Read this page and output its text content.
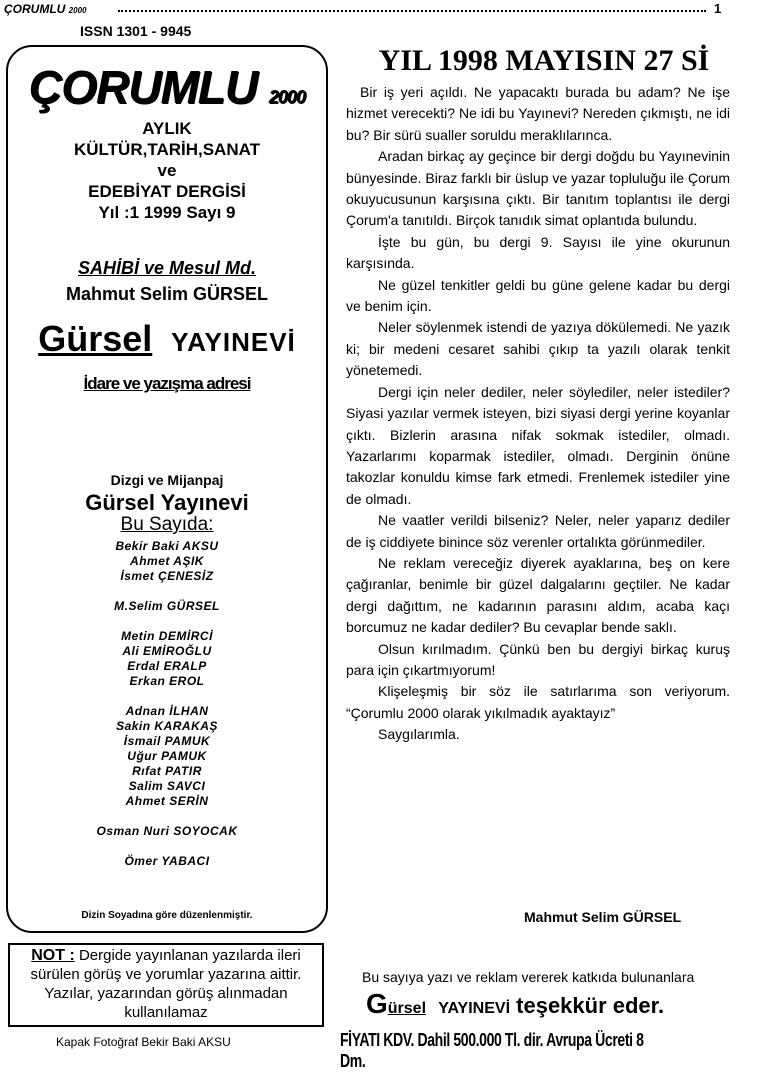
ÇORUMLU 2000	1
ISSN 1301 - 9945
ÇORUMLU 2000
AYLIK
KÜLTÜR,TARİH,SANAT
ve
EDEBİYAT DERGİSİ
Yıl :1 1999 Sayı 9
SAHİBİ ve Mesul Md.
Mahmut Selim GÜRSEL
Gürsel YAYINEVİ
İdare ve yazışma adresi
Dizgi ve Mijanpaj
Gürsel Yayınevi
Bu Sayıda:
Bekir Baki AKSU
Ahmet AŞIK
İsmet ÇENESİZ
M.Selim GÜRSEL
Metin DEMİRCİ
Ali EMİROĞLU
Erdal ERALP
Erkan EROL
Adnan İLHAN
Sakin KARAKAŞ
İsmail PAMUK
Uğur PAMUK
Rıfat PATIR
Salim SAVCI
Ahmet SERİN
Osman Nuri SOYOCAK
Ömer YABACI
Dizin Soyadına göre düzenlenmiştir.
NOT : Dergide yayınlanan yazılarda ileri sürülen görüş ve yorumlar yazarına aittir. Yazılar, yazarından görüş alınmadan kullanılamaz
Kapak Fotoğraf Bekir Baki AKSU
YIL 1998 MAYISIN 27 Sİ

Bir iş yeri açıldı. Ne yapacaktı burada bu adam? Ne işe hizmet verecekti? Ne idi bu Yayınevi? Nereden çıkmıştı, ne idi bu? Bir sürü sualler soruldu meraklılarınca.

Aradan birkaç ay geçince bir dergi doğdu bu Yayınevinin bünyesinde. Biraz farklı bir üslup ve yazar topluluğu ile Çorum okuyucusunun karşısına çıktı. Bir tanıtım toplantısı ile dergi Çorum'a tanıtıldı. Birçok tanıdık simat oplantıda bulundu.

İşte bu gün, bu dergi 9. Sayısı ile yine okurunun karşısında.

Ne güzel tenkitler geldi bu güne gelene kadar bu dergi ve benim için.

Neler söylenmek istendi de yazıya dökülemedi. Ne yazık ki; bir medeni cesaret sahibi çıkıp ta yazılı olarak tenkit yönetemedi.

Dergi için neler dediler, neler söylediler, neler istediler? Siyasi yazılar vermek isteyen, bizi siyasi dergi yerine koyanlar çıktı. Bizlerin arasına nifak sokmak istediler, olmadı. Yazarlarımı koparmak istediler, olmadı. Derginin önüne takozlar konuldu kimse fark etmedi. Frenlemek istediler yine de olmadı.

Ne vaatler verildi bilseniz? Neler, neler yaparız dediler de iş ciddiyete binince söz verenler ortalıkta görünmediler.

Ne reklam vereceğiz diyerek ayaklarına, beş on kere çağıranlar, benimle bir güzel dalgalarını geçtiler. Ne kadar dergi dağıttım, ne kadarının parasını aldım, acaba kaçı borcumuz ne kadar dediler? Bu cevaplar bende saklı.

Olsun kırılmadım. Çünkü ben bu dergiyi birkaç kuruş para için çıkartmıyorum!

Klişeleşmiş bir söz ile satırlarıma son veriyorum. “Çorumlu 2000 olarak yıkılmadık ayaktayız”

Saygılarımla.

Mahmut Selim GÜRSEL
Bu sayıya yazı ve reklam vererek katkıda bulunanlara
Gürsel YAYINEVİ teşekkür eder.
FİYATI KDV. Dahil 500.000 Tl. dir. Avrupa Ücreti 8 Dm.
